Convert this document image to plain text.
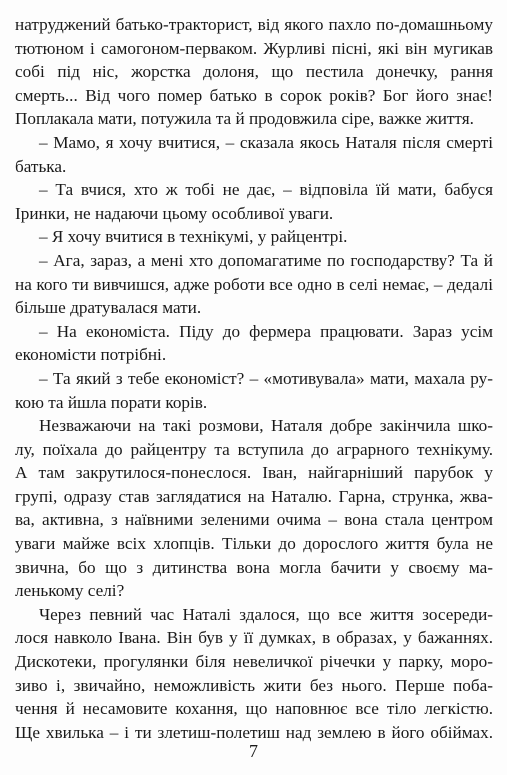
натруджений батько-тракторист, від якого пахло по-домашньому
тютюном і самогоном-перваком. Журливі пісні, які він мугикав
собі під ніс, жорстка долоня, що пестила донечку, рання
смерть... Від чого помер батько в сорок років? Бог його знає!
Поплакала мати, потужила та й продовжила сіре, важке життя.
– Мамо, я хочу вчитися, – сказала якось Наталя після смерті
батька.
– Та вчися, хто ж тобі не дає, – відповіла їй мати, бабуся
Іринки, не надаючи цьому особливої уваги.
– Я хочу вчитися в технікумі, у райцентрі.
– Ага, зараз, а мені хто допомагатиме по господарству? Та й
на кого ти вивчишся, адже роботи все одно в селі немає, – дедалі
більше дратувалася мати.
– На економіста. Піду до фермера працювати. Зараз усім
економісти потрібні.
– Та який з тебе економіст? – «мотивувала» мати, махала ру-
кою та йшла порати корів.
Незважаючи на такі розмови, Наталя добре закінчила шко-
лу, поїхала до райцентру та вступила до аграрного технікуму.
А там закрутилося-понеслося. Іван, найгарніший парубок у
групі, одразу став заглядатися на Наталю. Гарна, струнка, жва-
ва, активна, з наївними зеленими очима – вона стала центром
уваги майже всіх хлопців. Тільки до дорослого життя була не
звична, бо що з дитинства вона могла бачити у своєму ма-
ленькому селі?
Через певний час Наталі здалося, що все життя зосереди-
лося навколо Івана. Він був у її думках, в образах, у бажаннях.
Дискотеки, прогулянки біля невеличкої річечки у парку, моро-
зиво і, звичайно, неможливість жити без нього. Перше поба-
чення й несамовите кохання, що наповнює все тіло легкістю.
Ще хвилька – і ти злетиш-полетиш над землею в його обіймах.
7
